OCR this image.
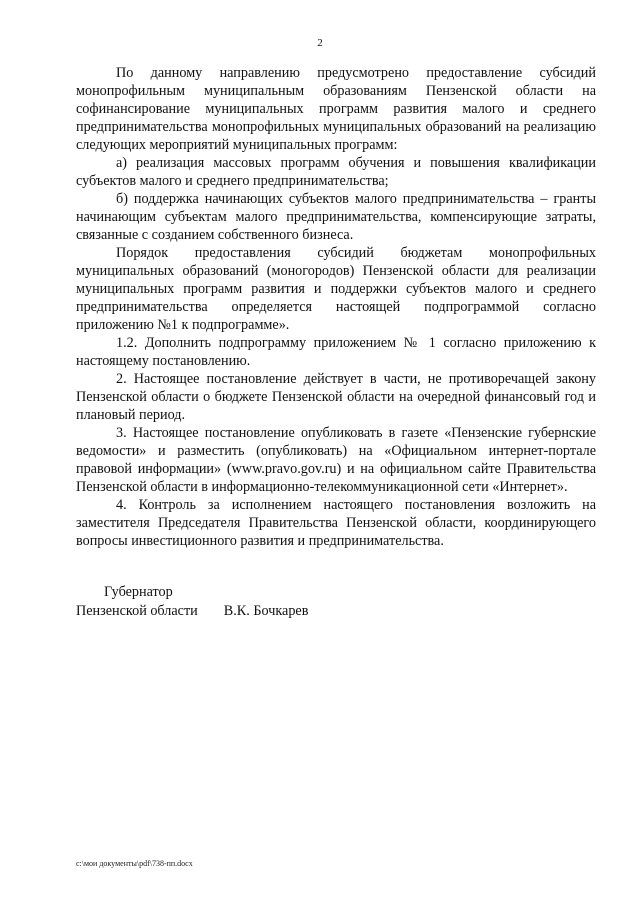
2

По данному направлению предусмотрено предоставление субсидий монопрофильным муниципальным образованиям Пензенской области на софинансирование муниципальных программ развития малого и среднего предпринимательства монопрофильных муниципальных образований на реализацию следующих мероприятий муниципальных программ:

а) реализация массовых программ обучения и повышения квалификации субъектов малого и среднего предпринимательства;

б) поддержка начинающих субъектов малого предпринимательства – гранты начинающим субъектам малого предпринимательства, компенсирующие затраты, связанные с созданием собственного бизнеса.

Порядок предоставления субсидий бюджетам монопрофильных муниципальных образований (моногородов) Пензенской области для реализации муниципальных программ развития и поддержки субъектов малого и среднего предпринимательства определяется настоящей подпрограммой согласно приложению №1 к подпрограмме».

1.2. Дополнить подпрограмму приложением № 1 согласно приложению к настоящему постановлению.

2. Настоящее постановление действует в части, не противоречащей закону Пензенской области о бюджете Пензенской области на очередной финансовый год и плановый период.

3. Настоящее постановление опубликовать в газете «Пензенские губернские ведомости» и разместить (опубликовать) на «Официальном интернет-портале правовой информации» (www.pravo.gov.ru) и на официальном сайте Правительства Пензенской области в информационно-телекоммуникационной сети «Интернет».

4. Контроль за исполнением настоящего постановления возложить на заместителя Председателя Правительства Пензенской области, координирующего вопросы инвестиционного развития и предпринимательства.

Губернатор
Пензенской области В.К. Бочкарев
c:\мои документы\pdf\738-пп.docx
